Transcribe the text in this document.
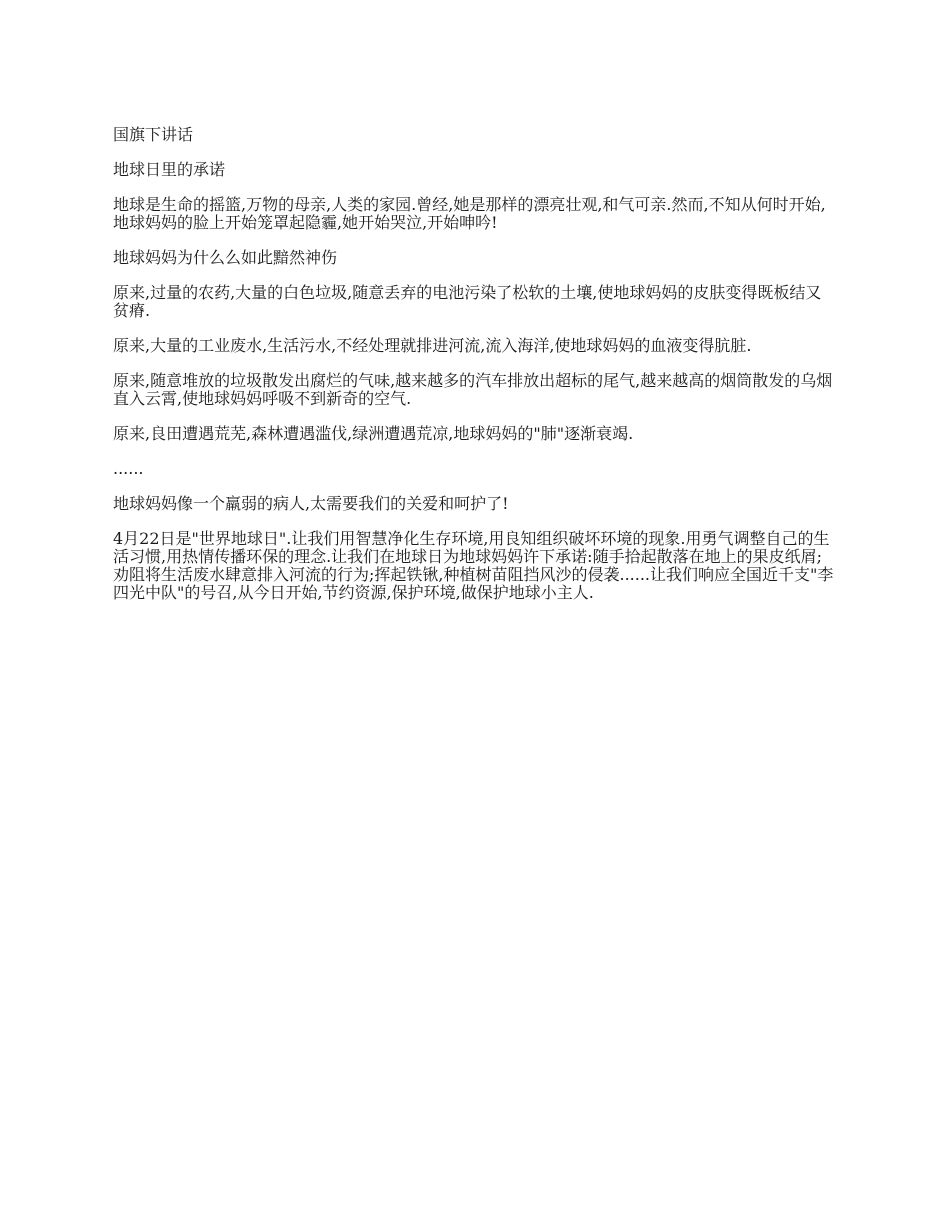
国旗下讲话

地球日里的承诺

地球是生命的摇篮,万物的母亲,人类的家园.曾经,她是那样的漂亮壮观,和气可亲.然而,不知从何时开始,地球妈妈的脸上开始笼罩起隐霾,她开始哭泣,开始呻吟!

地球妈妈为什么么如此黯然神伤

原来,过量的农药,大量的白色垃圾,随意丢弃的电池污染了松软的土壤,使地球妈妈的皮肤变得既板结又贫瘠.

原来,大量的工业废水,生活污水,不经处理就排进河流,流入海洋,使地球妈妈的血液变得肮脏.

原来,随意堆放的垃圾散发出腐烂的气味,越来越多的汽车排放出超标的尾气,越来越高的烟筒散发的乌烟直入云霄,使地球妈妈呼吸不到新奇的空气.

原来,良田遭遇荒芜,森林遭遇滥伐,绿洲遭遇荒凉,地球妈妈的"肺"逐渐衰竭.

......

地球妈妈像一个羸弱的病人,太需要我们的关爱和呵护了!

4月22日是"世界地球日".让我们用智慧净化生存环境,用良知组织破坏环境的现象.用勇气调整自己的生活习惯,用热情传播环保的理念.让我们在地球日为地球妈妈许下承诺:随手拾起散落在地上的果皮纸屑;劝阻将生活废水肆意排入河流的行为;挥起铁锹,种植树苗阻挡风沙的侵袭......让我们响应全国近千支"李四光中队"的号召,从今日开始,节约资源,保护环境,做保护地球小主人.
